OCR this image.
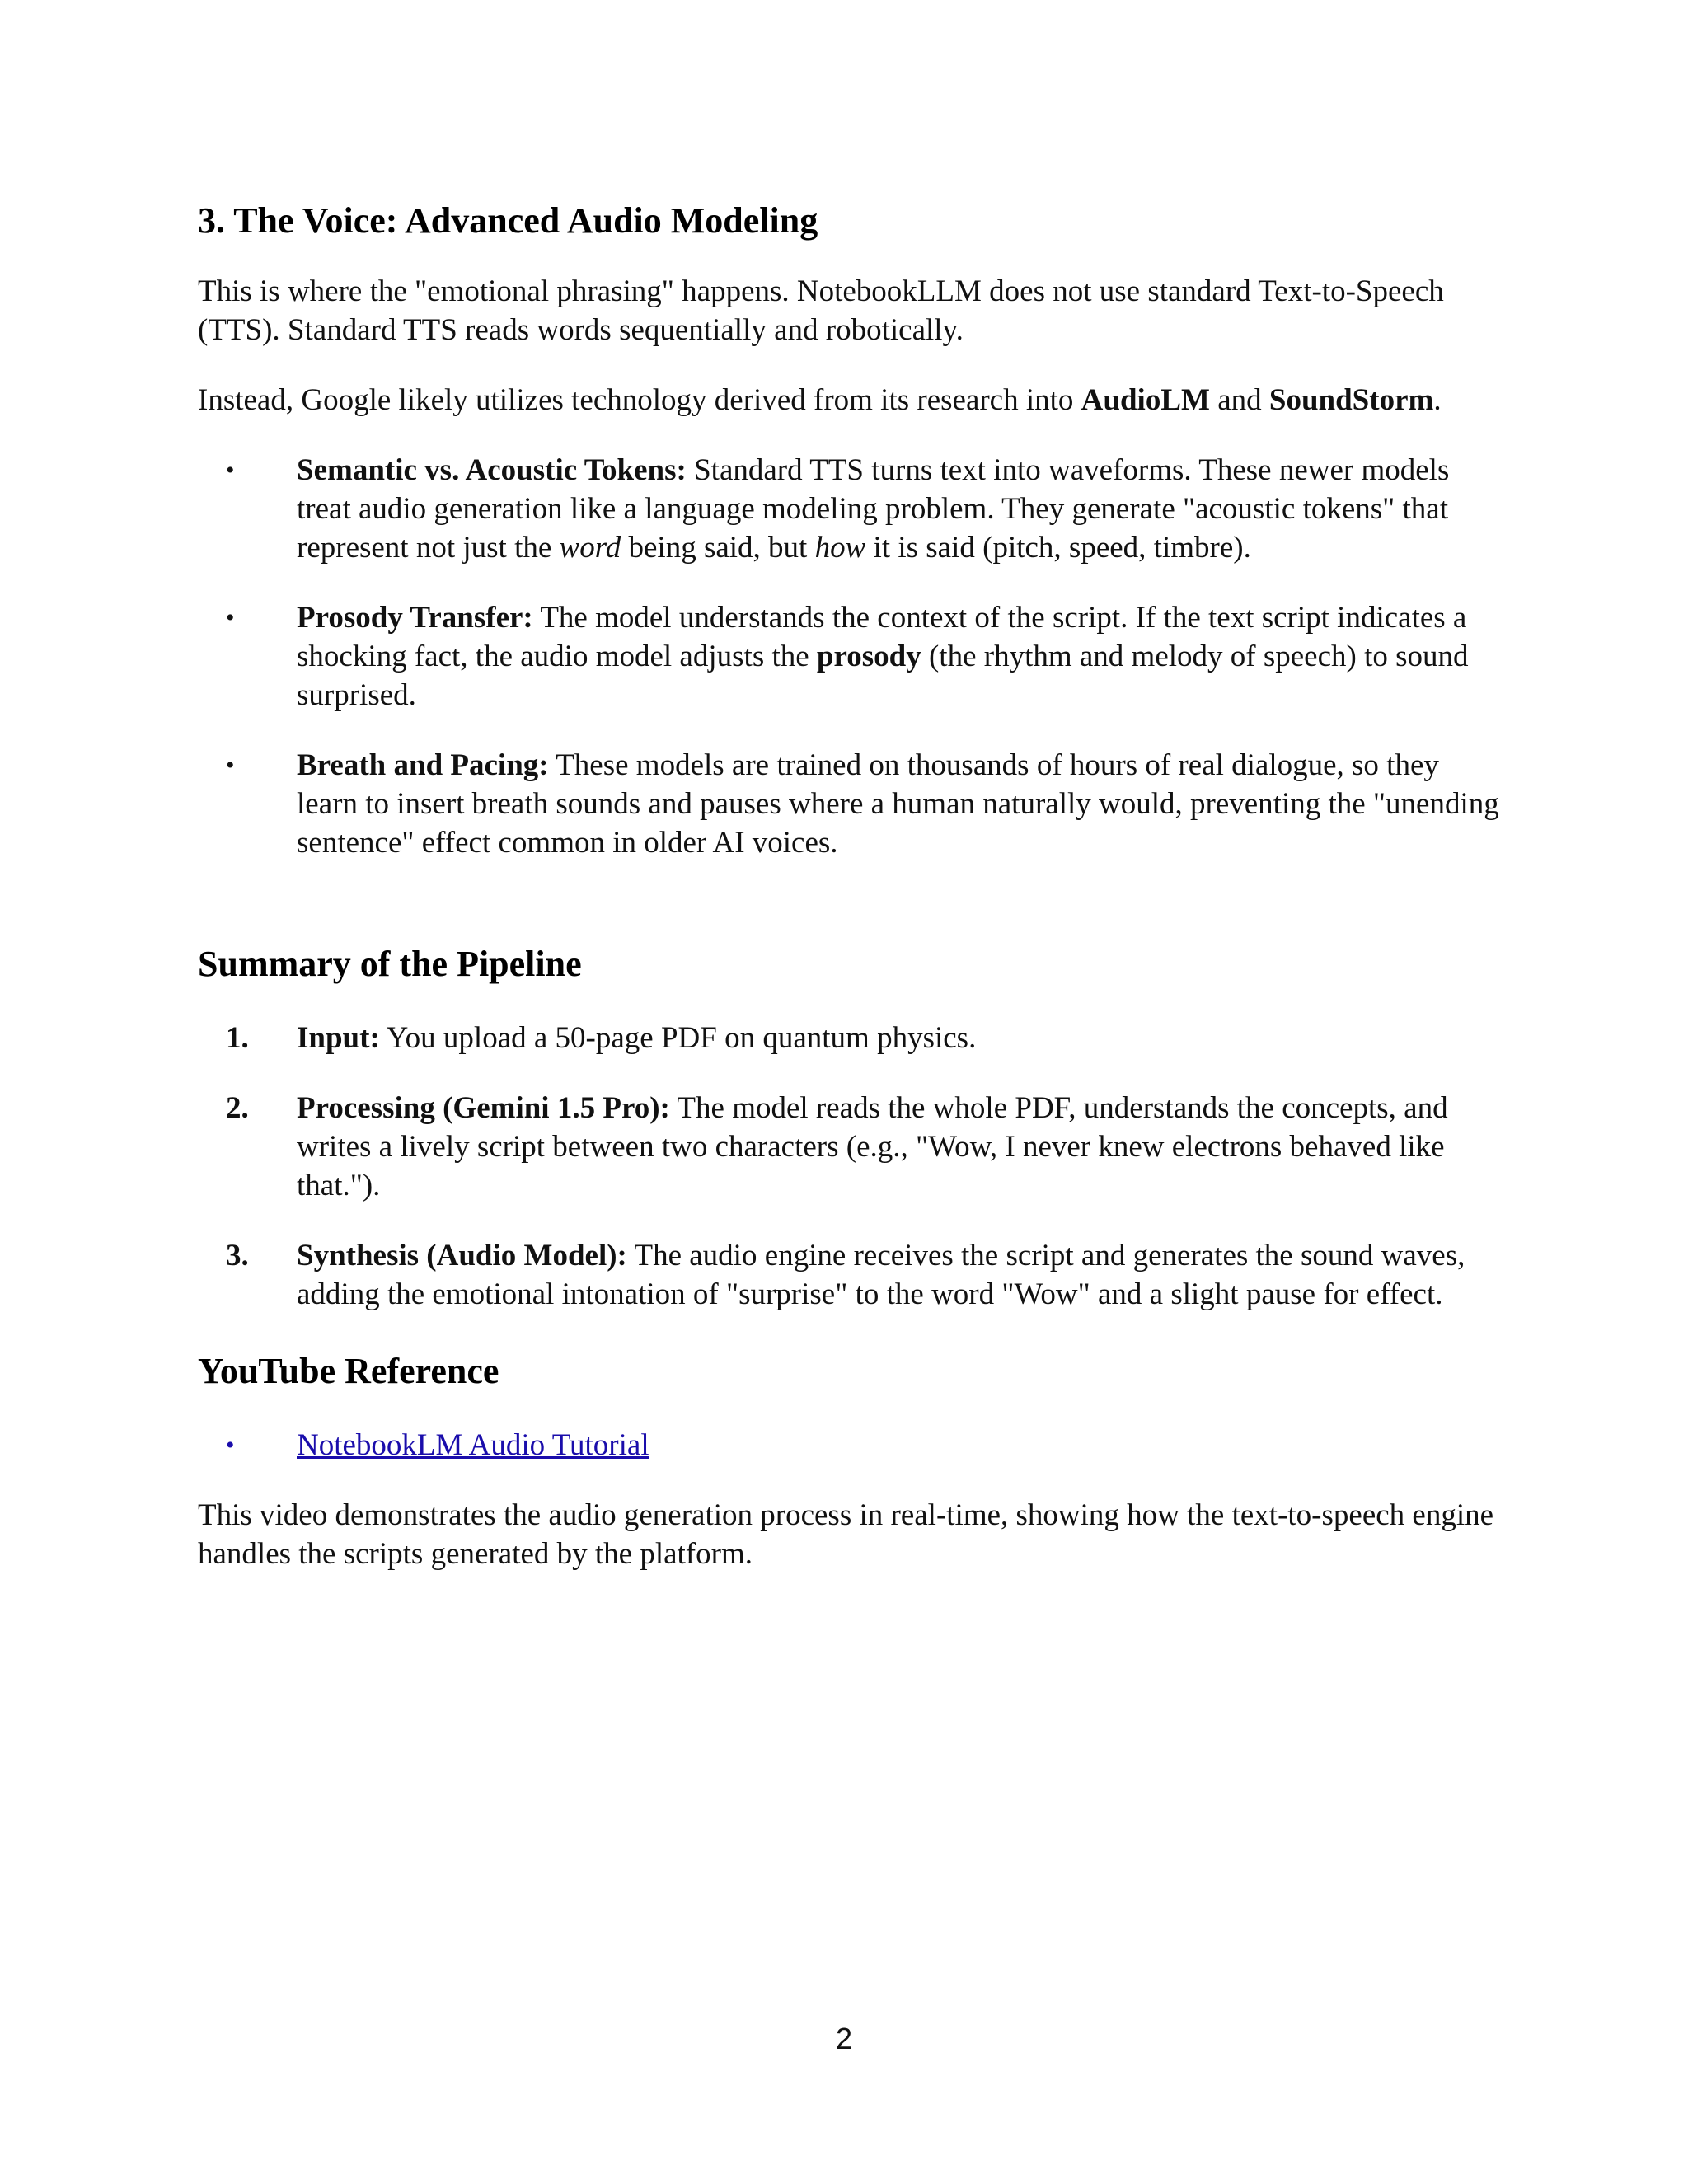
3. The Voice: Advanced Audio Modeling

This is where the "emotional phrasing" happens. NotebookLLM does not use standard Text-to-Speech (TTS). Standard TTS reads words sequentially and robotically.

Instead, Google likely utilizes technology derived from its research into AudioLM and SoundStorm.

• Semantic vs. Acoustic Tokens: Standard TTS turns text into waveforms. These newer models treat audio generation like a language modeling problem. They generate "acoustic tokens" that represent not just the word being said, but how it is said (pitch, speed, timbre).
• Prosody Transfer: The model understands the context of the script. If the text script indicates a shocking fact, the audio model adjusts the prosody (the rhythm and melody of speech) to sound surprised.
• Breath and Pacing: These models are trained on thousands of hours of real dialogue, so they learn to insert breath sounds and pauses where a human naturally would, preventing the "unending sentence" effect common in older AI voices.
Summary of the Pipeline
1. Input: You upload a 50-page PDF on quantum physics.
2. Processing (Gemini 1.5 Pro): The model reads the whole PDF, understands the concepts, and writes a lively script between two characters (e.g., "Wow, I never knew electrons behaved like that.").
3. Synthesis (Audio Model): The audio engine receives the script and generates the sound waves, adding the emotional intonation of "surprise" to the word "Wow" and a slight pause for effect.
YouTube Reference
• NotebookLM Audio Tutorial

This video demonstrates the audio generation process in real-time, showing how the text-to-speech engine handles the scripts generated by the platform.

2
